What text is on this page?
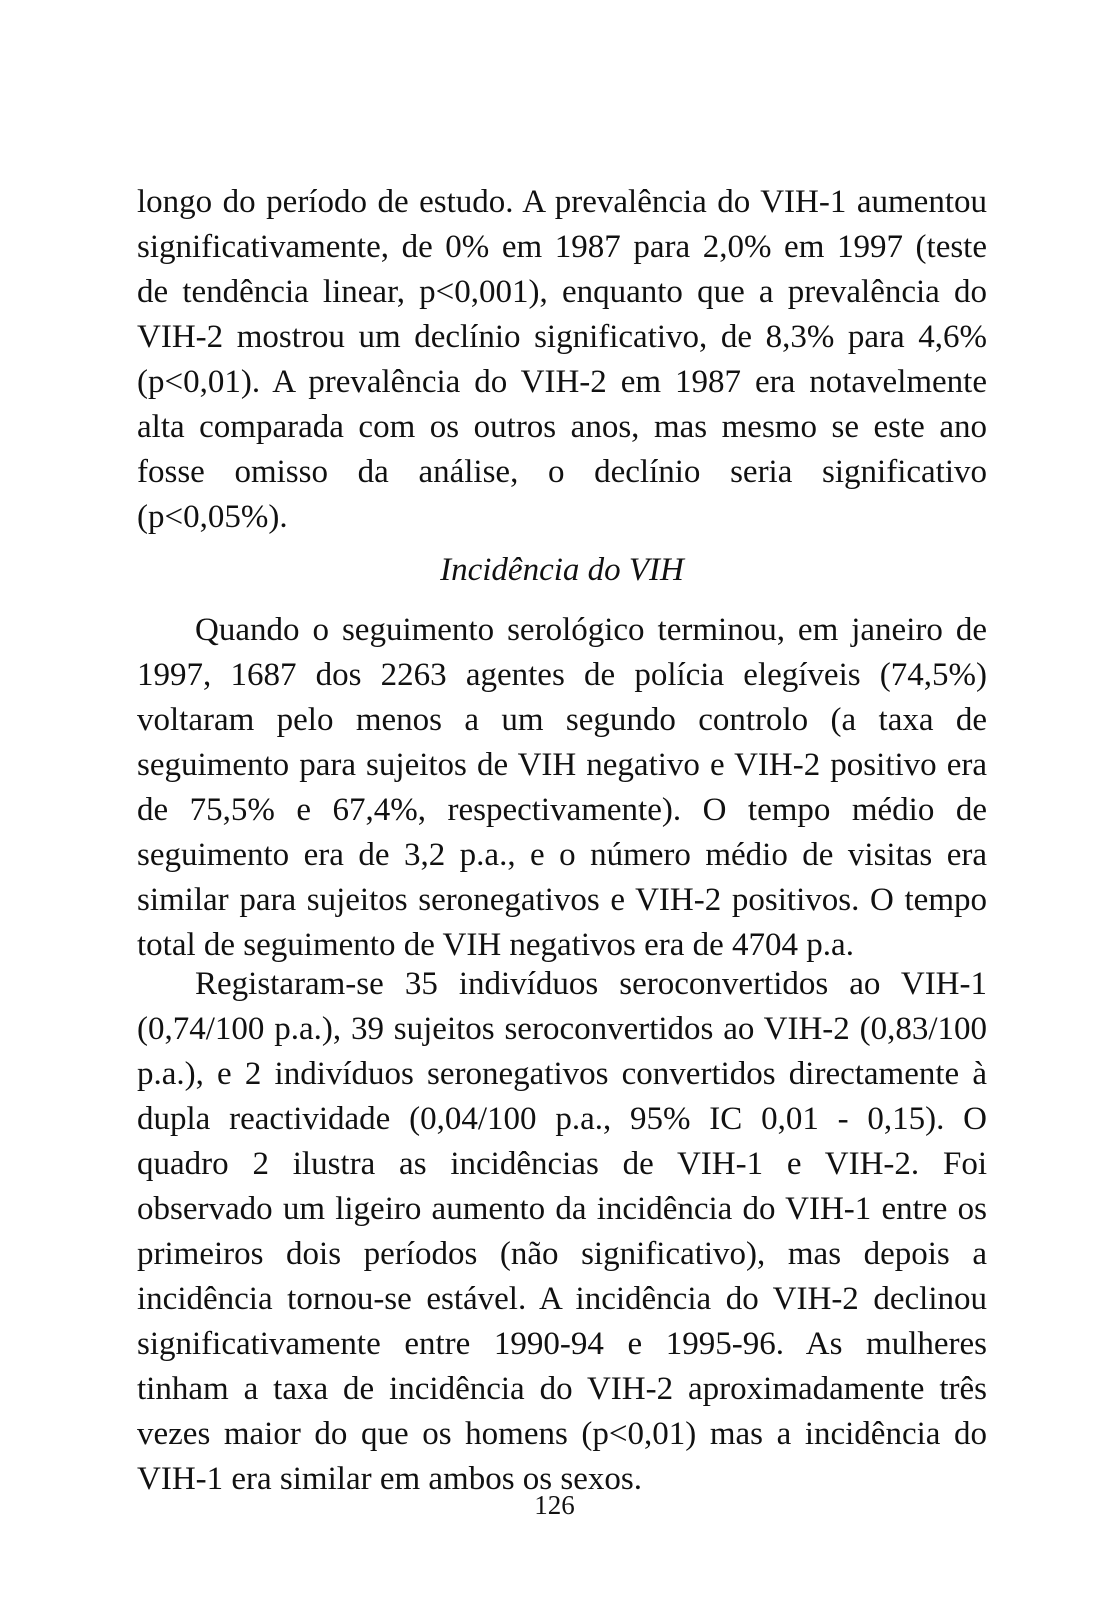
longo do período de estudo. A prevalência do VIH-1 aumentou significativamente, de 0% em 1987 para 2,0% em 1997 (teste de tendência linear, p<0,001), enquanto que a prevalência do VIH-2 mostrou um declínio significativo, de 8,3% para 4,6% (p<0,01). A prevalência do VIH-2 em 1987 era notavelmente alta comparada com os outros anos, mas mesmo se este ano fosse omisso da análise, o declínio seria significativo (p<0,05%).

Incidência do VIH

Quando o seguimento serológico terminou, em janeiro de 1997, 1687 dos 2263 agentes de polícia elegíveis (74,5%) voltaram pelo menos a um segundo controlo (a taxa de seguimento para sujeitos de VIH negativo e VIH-2 positivo era de 75,5% e 67,4%, respectivamente). O tempo médio de seguimento era de 3,2 p.a., e o número médio de visitas era similar para sujeitos seronegativos e VIH-2 positivos. O tempo total de seguimento de VIH negativos era de 4704 p.a.

Registaram-se 35 indivíduos seroconvertidos ao VIH-1 (0,74/100 p.a.), 39 sujeitos seroconvertidos ao VIH-2 (0,83/100 p.a.), e 2 indivíduos seronegativos convertidos directamente à dupla reactividade (0,04/100 p.a., 95% IC 0,01 - 0,15). O quadro 2 ilustra as incidências de VIH-1 e VIH-2. Foi observado um ligeiro aumento da incidência do VIH-1 entre os primeiros dois períodos (não significativo), mas depois a incidência tornou-se estável. A incidência do VIH-2 declinou significativamente entre 1990-94 e 1995-96. As mulheres tinham a taxa de incidência do VIH-2 aproximadamente três vezes maior do que os homens (p<0,01) mas a incidência do VIH-1 era similar em ambos os sexos.

126
